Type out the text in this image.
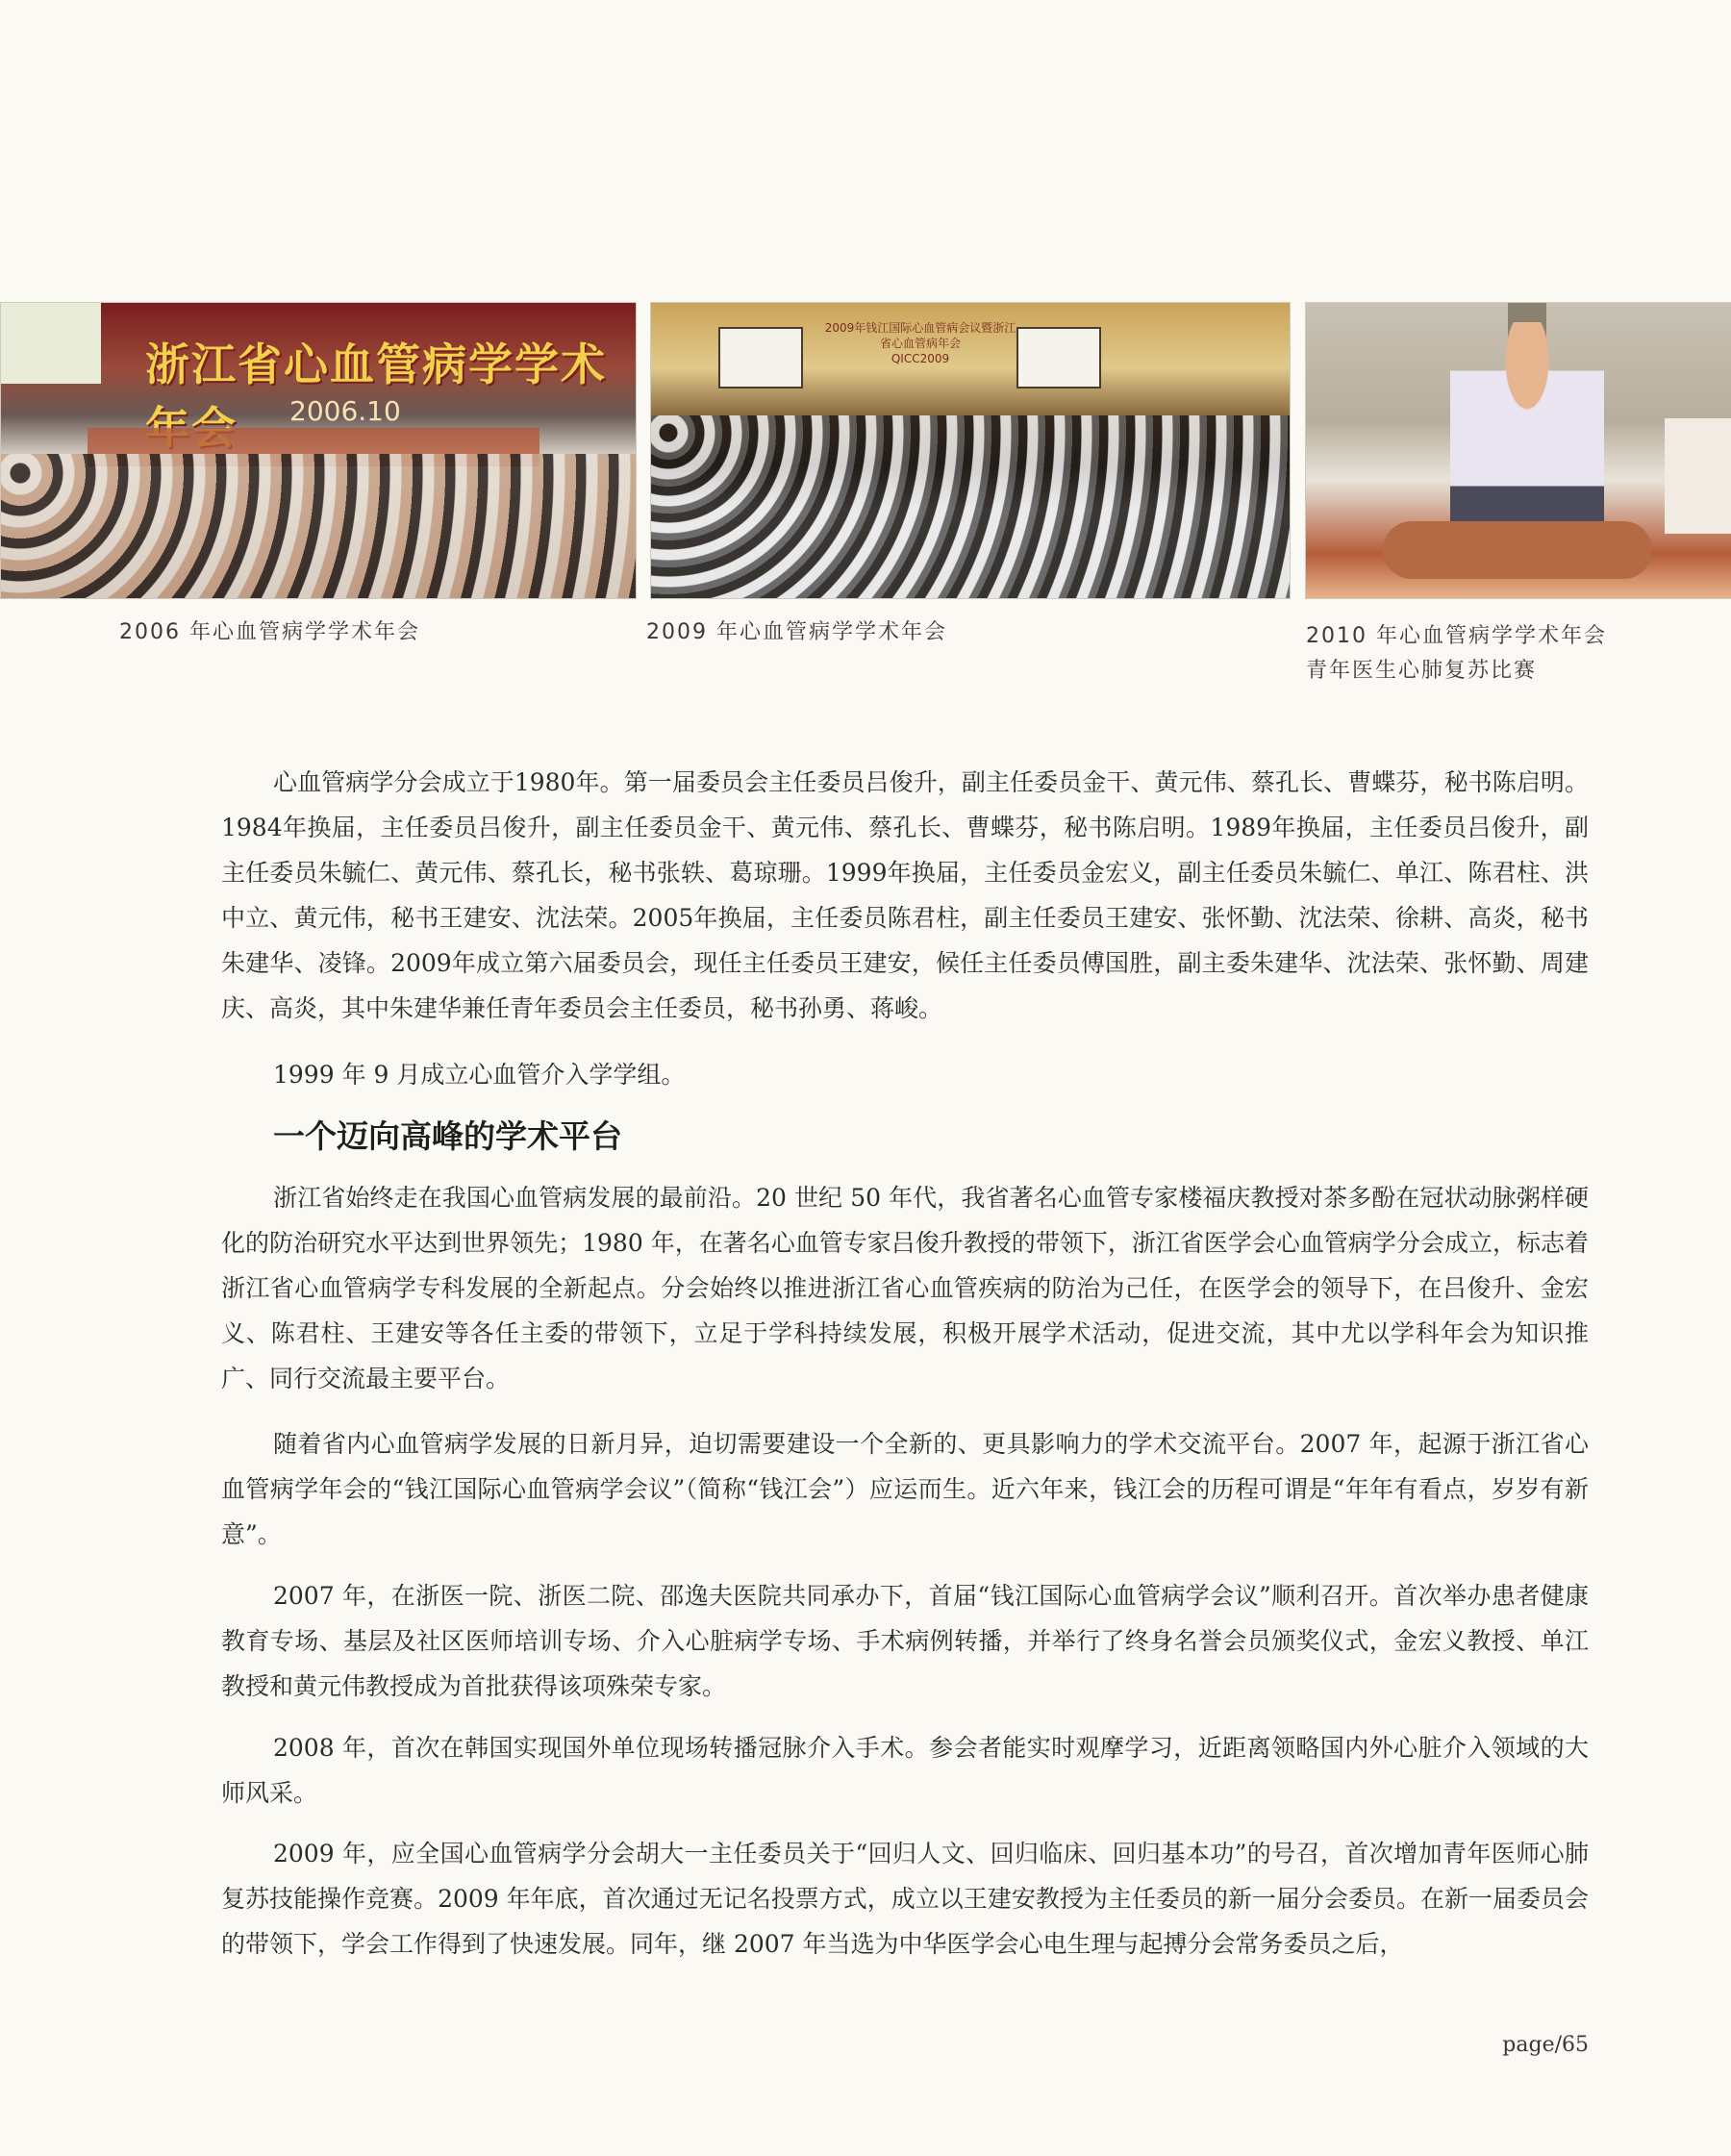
浙江省心血管病学学术
2006.10
2009年钱江国际心血管病会议暨浙江省心血管病年会
QICC2009

2006 年心血管病学学术年会	2009 年心血管病学学术年会	2010 年心血管病学学术年会
青年医生心肺复苏比赛

心血管病学分会成立于1980年。第一届委员会主任委员吕俊升，副主任委员金干、黄元伟、蔡孔长、曹蝶芬，秘书陈启明。1984年换届，主任委员吕俊升，副主任委员金干、黄元伟、蔡孔长、曹蝶芬，秘书陈启明。1989年换届，主任委员吕俊升，副主任委员朱毓仁、黄元伟、蔡孔长，秘书张轶、葛琼珊。1999年换届，主任委员金宏义，副主任委员朱毓仁、单江、陈君柱、洪中立、黄元伟，秘书王建安、沈法荣。2005年换届，主任委员陈君柱，副主任委员王建安、张怀勤、沈法荣、徐耕、高炎，秘书朱建华、凌锋。2009年成立第六届委员会，现任主任委员王建安，候任主任委员傅国胜，副主委朱建华、沈法荣、张怀勤、周建庆、高炎，其中朱建华兼任青年委员会主任委员，秘书孙勇、蒋峻。

1999 年 9 月成立心血管介入学学组。

一个迈向高峰的学术平台

浙江省始终走在我国心血管病发展的最前沿。20 世纪 50 年代，我省著名心血管专家楼福庆教授对茶多酚在冠状动脉粥样硬化的防治研究水平达到世界领先；1980 年，在著名心血管专家吕俊升教授的带领下，浙江省医学会心血管病学分会成立，标志着浙江省心血管病学专科发展的全新起点。分会始终以推进浙江省心血管疾病的防治为己任，在医学会的领导下，在吕俊升、金宏义、陈君柱、王建安等各任主委的带领下，立足于学科持续发展，积极开展学术活动，促进交流，其中尤以学科年会为知识推广、同行交流最主要平台。

随着省内心血管病学发展的日新月异，迫切需要建设一个全新的、更具影响力的学术交流平台。2007 年，起源于浙江省心血管病学年会的“钱江国际心血管病学会议”（简称“钱江会”）应运而生。近六年来，钱江会的历程可谓是“年年有看点，岁岁有新意”。

2007 年，在浙医一院、浙医二院、邵逸夫医院共同承办下，首届“钱江国际心血管病学会议”顺利召开。首次举办患者健康教育专场、基层及社区医师培训专场、介入心脏病学专场、手术病例转播，并举行了终身名誉会员颁奖仪式，金宏义教授、单江教授和黄元伟教授成为首批获得该项殊荣专家。

2008 年，首次在韩国实现国外单位现场转播冠脉介入手术。参会者能实时观摩学习，近距离领略国内外心脏介入领域的大师风采。

2009 年，应全国心血管病学分会胡大一主任委员关于“回归人文、回归临床、回归基本功”的号召，首次增加青年医师心肺复苏技能操作竞赛。2009 年年底，首次通过无记名投票方式，成立以王建安教授为主任委员的新一届分会委员。在新一届委员会的带领下，学会工作得到了快速发展。同年，继 2007 年当选为中华医学会心电生理与起搏分会常务委员之后，

page/65
